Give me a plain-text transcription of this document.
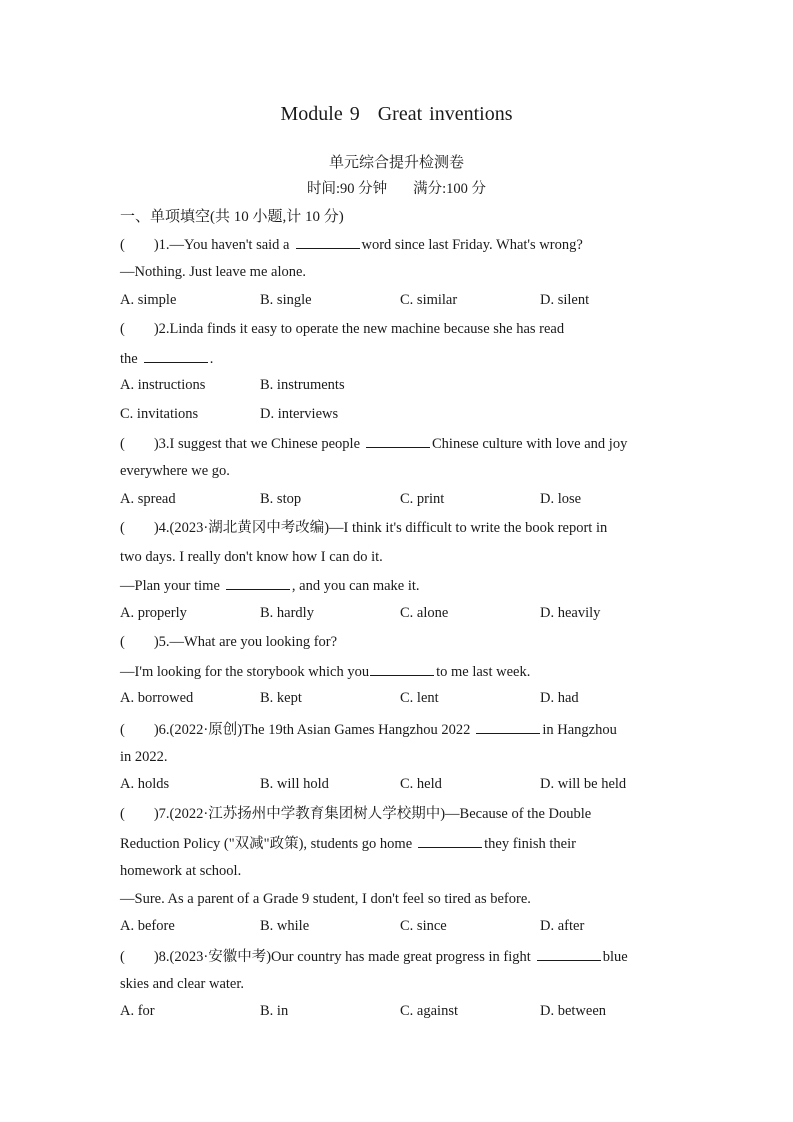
Module 9 Great inventions
单元综合提升检测卷
时间:90 分钟 满分:100 分
一、单项填空(共 10 小题,计 10 分)
(　　)1.—You haven't said a	word since last Friday. What's wrong?
—Nothing. Just leave me alone.
A. simple	B. single	C. similar	D. silent
(　　)2.Linda finds it easy to operate the new machine because she has read
the	.
A. instructions	B. instruments
C. invitations	D. interviews
(　　)3.I suggest that we Chinese people	Chinese culture with love and joy
everywhere we go.
A. spread	B. stop	C. print	D. lose
(　　)4.(2023·湖北黄冈中考改编)—I think it's difficult to write the book report in
two days. I really don't know how I can do it.
—Plan your time	, and you can make it.
A. properly	B. hardly	C. alone	D. heavily
(　　)5.—What are you looking for?
—I'm looking for the storybook which you	to me last week.
A. borrowed	B. kept	C. lent	D. had
(　　)6.(2022·原创)The 19th Asian Games Hangzhou 2022	in Hangzhou
in 2022.
A. holds	B. will hold	C. held	D. will be held
(　　)7.(2022·江苏扬州中学教育集团树人学校期中)—Because of the Double
Reduction Policy ("双减"政策), students go home	they finish their
homework at school.
—Sure. As a parent of a Grade 9 student, I don't feel so tired as before.
A. before	B. while	C. since	D. after
(　　)8.(2023·安徽中考)Our country has made great progress in fight	blue
skies and clear water.
A. for	B. in	C. against	D. between
